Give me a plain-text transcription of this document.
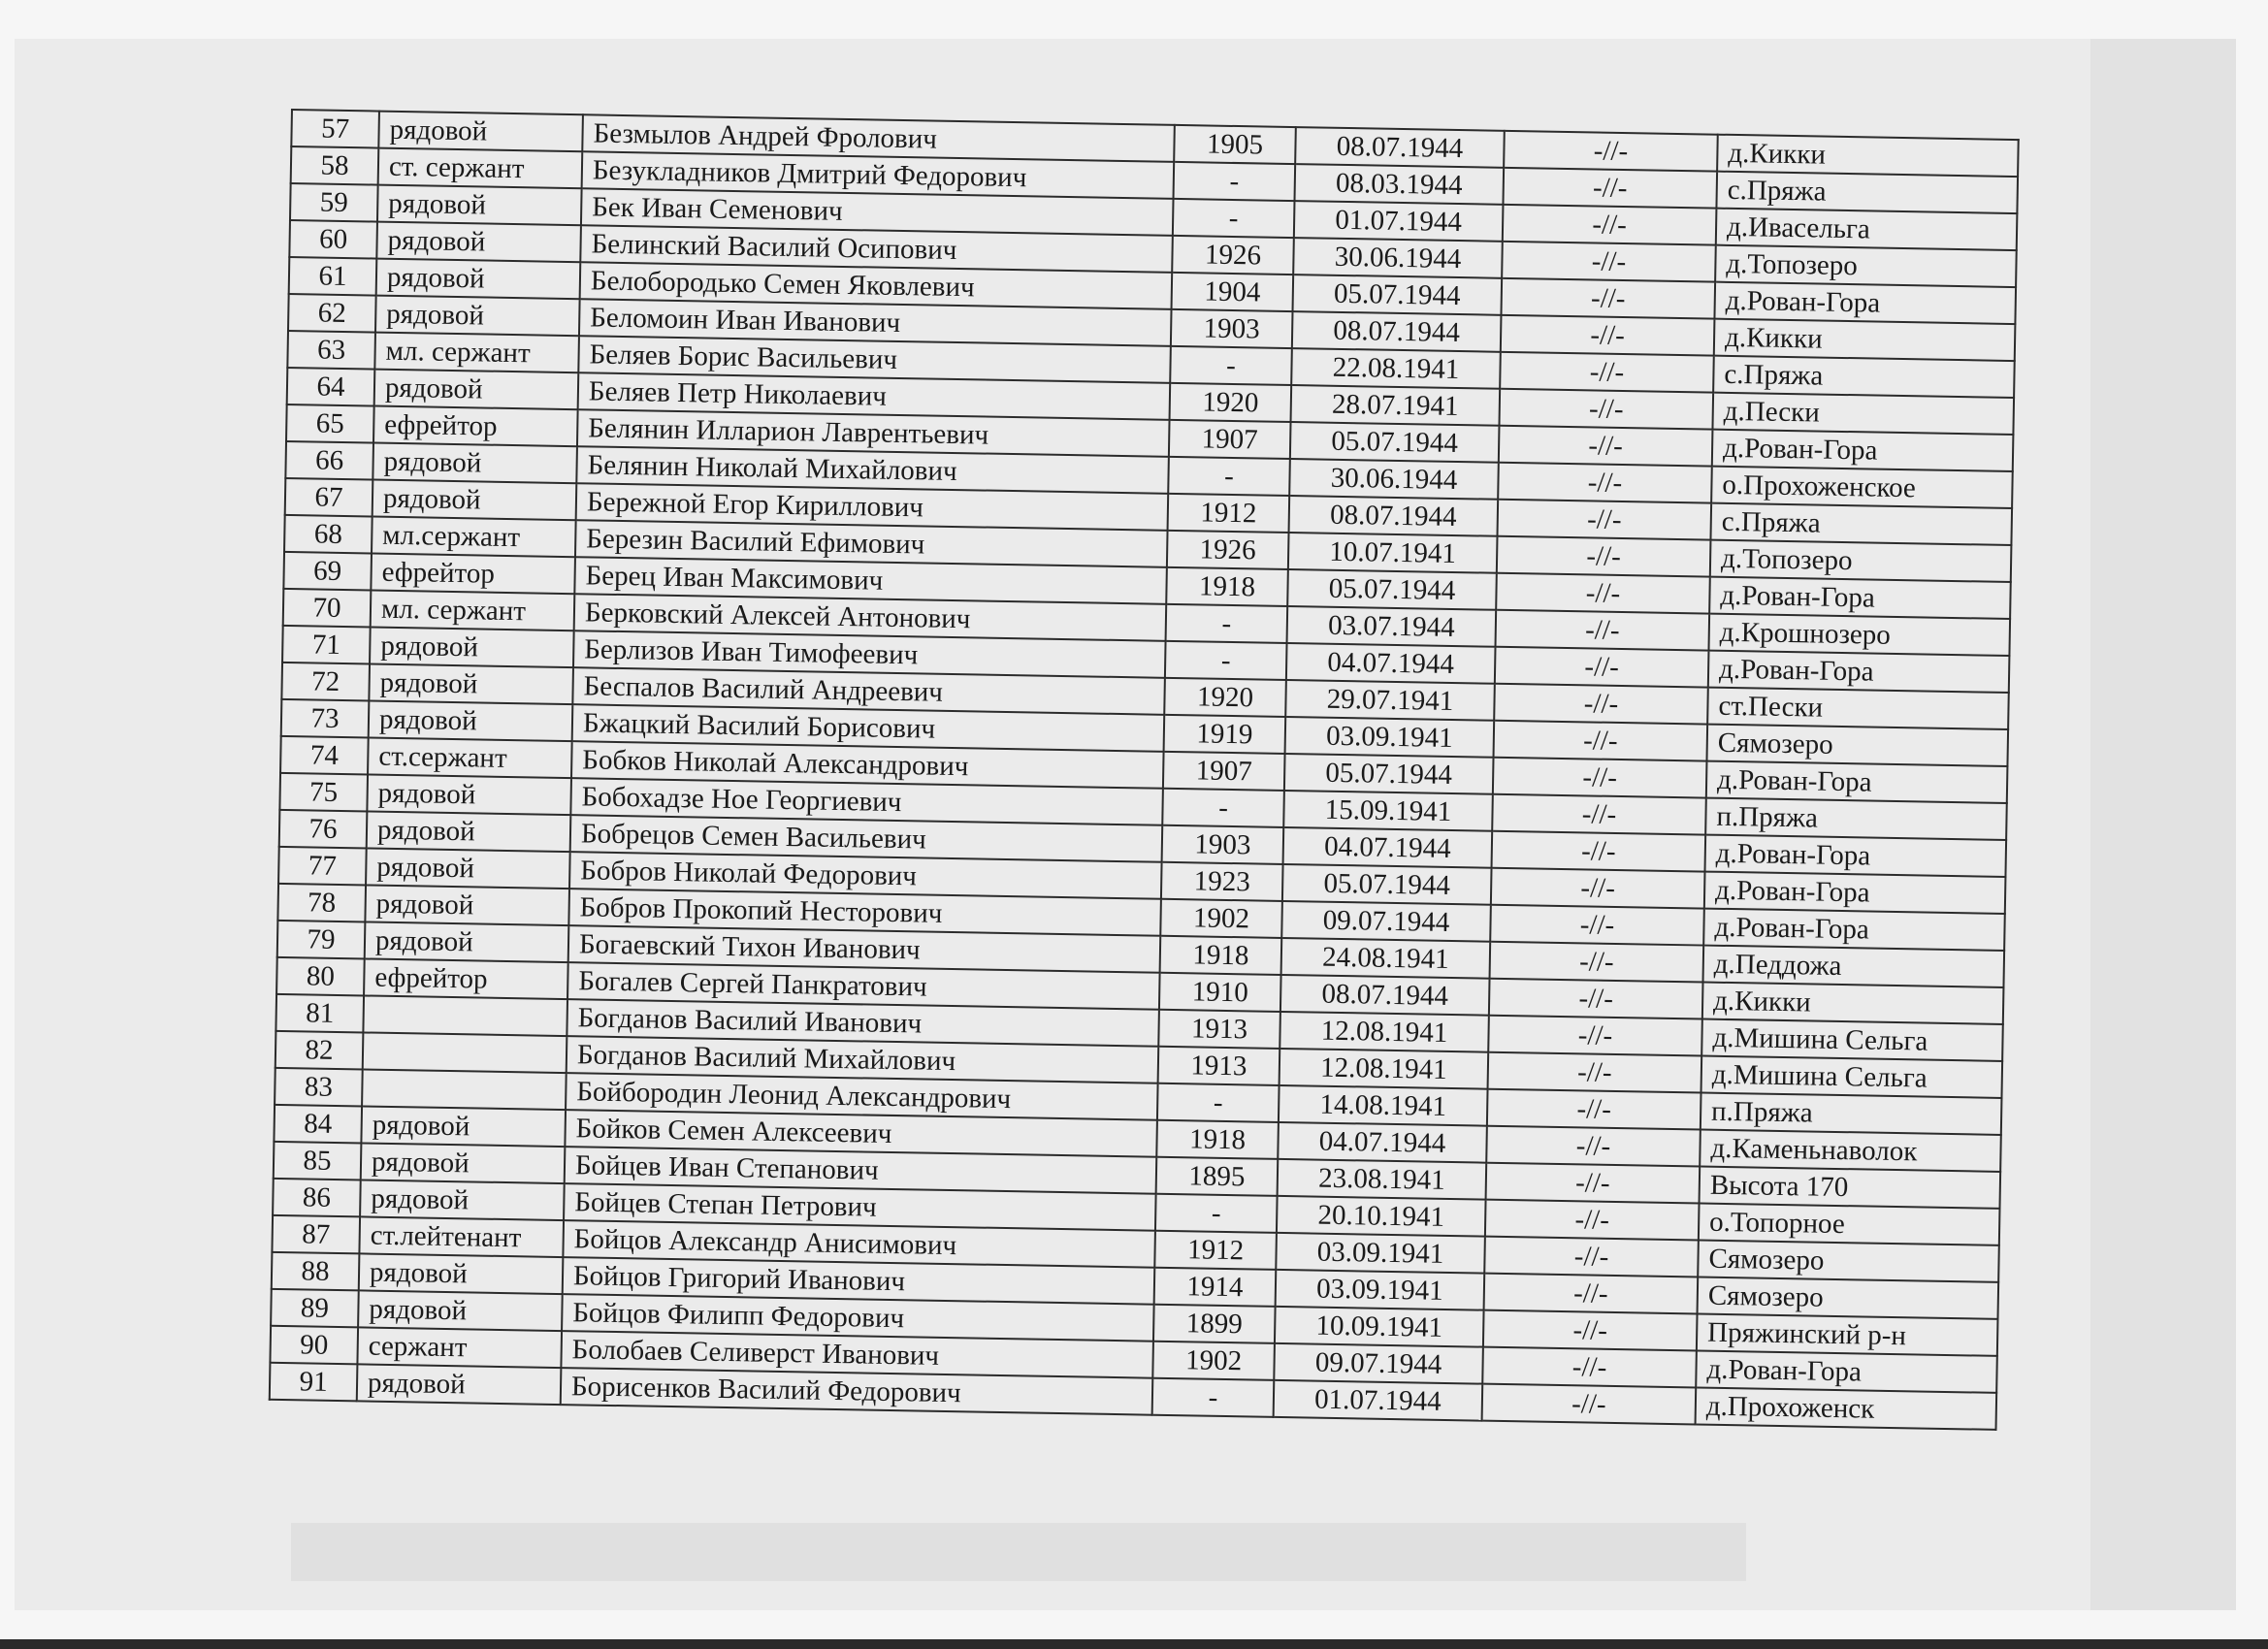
57	рядовой	Безмылов Андрей Фролович	1905	08.07.1944	-//-	д.Кикки
58	ст. сержант	Безукладников Дмитрий Федорович	-	08.03.1944	-//-	с.Пряжа
59	рядовой	Бек Иван Семенович	-	01.07.1944	-//-	д.Ивасельга
60	рядовой	Белинский Василий Осипович	1926	30.06.1944	-//-	д.Топозеро
61	рядовой	Белобородько Семен Яковлевич	1904	05.07.1944	-//-	д.Рован-Гора
62	рядовой	Беломоин Иван Иванович	1903	08.07.1944	-//-	д.Кикки
63	мл. сержант	Беляев Борис Васильевич	-	22.08.1941	-//-	с.Пряжа
64	рядовой	Беляев Петр Николаевич	1920	28.07.1941	-//-	д.Пески
65	ефрейтор	Белянин Илларион Лаврентьевич	1907	05.07.1944	-//-	д.Рован-Гора
66	рядовой	Белянин Николай Михайлович	-	30.06.1944	-//-	о.Прохоженское
67	рядовой	Бережной Егор Кириллович	1912	08.07.1944	-//-	с.Пряжа
68	мл.сержант	Березин Василий Ефимович	1926	10.07.1941	-//-	д.Топозеро
69	ефрейтор	Берец Иван Максимович	1918	05.07.1944	-//-	д.Рован-Гора
70	мл. сержант	Берковский Алексей Антонович	-	03.07.1944	-//-	д.Крошнозеро
71	рядовой	Берлизов Иван Тимофеевич	-	04.07.1944	-//-	д.Рован-Гора
72	рядовой	Беспалов Василий Андреевич	1920	29.07.1941	-//-	ст.Пески
73	рядовой	Бжацкий Василий Борисович	1919	03.09.1941	-//-	Сямозеро
74	ст.сержант	Бобков Николай Александрович	1907	05.07.1944	-//-	д.Рован-Гора
75	рядовой	Бобохадзе Ное Георгиевич	-	15.09.1941	-//-	п.Пряжа
76	рядовой	Бобрецов Семен Васильевич	1903	04.07.1944	-//-	д.Рован-Гора
77	рядовой	Бобров Николай Федорович	1923	05.07.1944	-//-	д.Рован-Гора
78	рядовой	Бобров Прокопий Несторович	1902	09.07.1944	-//-	д.Рован-Гора
79	рядовой	Богаевский Тихон Иванович	1918	24.08.1941	-//-	д.Педдожа
80	ефрейтор	Богалев Сергей Панкратович	1910	08.07.1944	-//-	д.Кикки
81		Богданов Василий Иванович	1913	12.08.1941	-//-	д.Мишина Сельга
82		Богданов Василий Михайлович	1913	12.08.1941	-//-	д.Мишина Сельга
83		Бойбородин Леонид Александрович	-	14.08.1941	-//-	п.Пряжа
84	рядовой	Бойков Семен Алексеевич	1918	04.07.1944	-//-	д.Каменьнаволок
85	рядовой	Бойцев Иван Степанович	1895	23.08.1941	-//-	Высота 170
86	рядовой	Бойцев Степан Петрович	-	20.10.1941	-//-	о.Топорное
87	ст.лейтенант	Бойцов Александр Анисимович	1912	03.09.1941	-//-	Сямозеро
88	рядовой	Бойцов Григорий Иванович	1914	03.09.1941	-//-	Сямозеро
89	рядовой	Бойцов Филипп Федорович	1899	10.09.1941	-//-	Пряжинский р-н
90	сержант	Болобаев Селиверст Иванович	1902	09.07.1944	-//-	д.Рован-Гора
91	рядовой	Борисенков Василий Федорович	-	01.07.1944	-//-	д.Прохоженск
